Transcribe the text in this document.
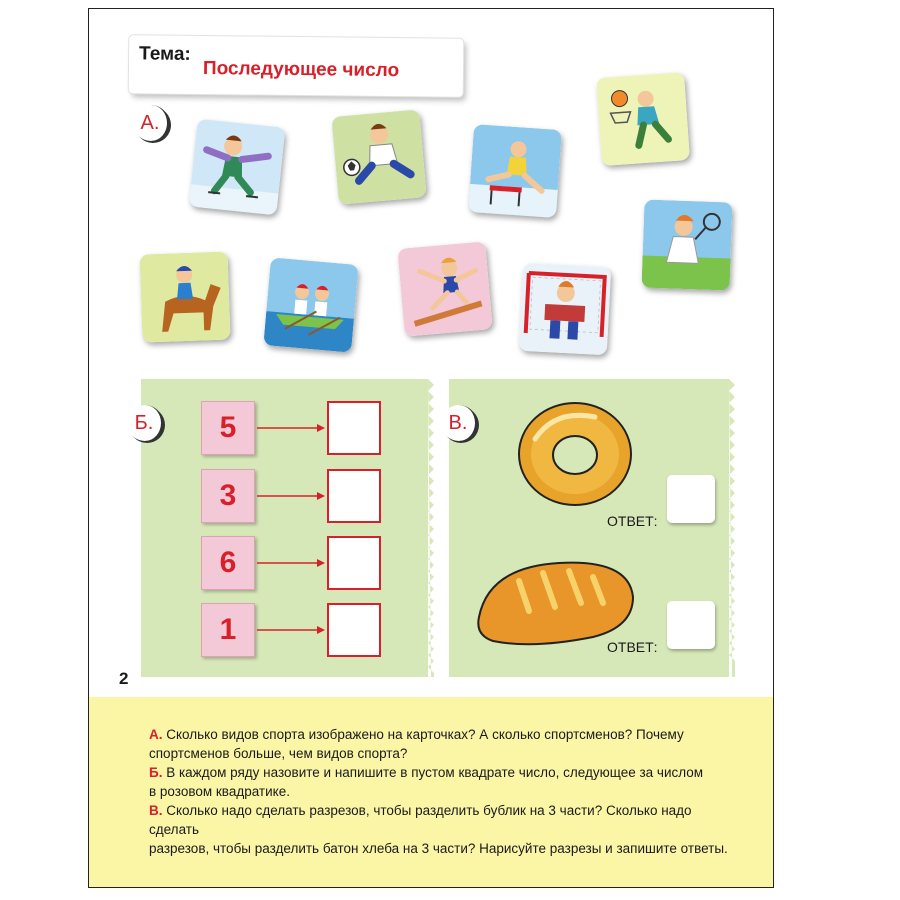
Тема:
Последующее число
А.
Б.	5
3
6
1
В.
ОТВЕТ:
ОТВЕТ:
2

А. Сколько видов спорта изображено на карточках? А сколько спортсменов? Почему

спортсменов больше, чем видов спорта?

Б. В каждом ряду назовите и напишите в пустом квадрате число, следующее за числом

в розовом квадратике.

В. Сколько надо сделать разрезов, чтобы разделить бублик на 3 части? Сколько надо сделать

разрезов, чтобы разделить батон хлеба на 3 части? Нарисуйте разрезы и запишите ответы.
